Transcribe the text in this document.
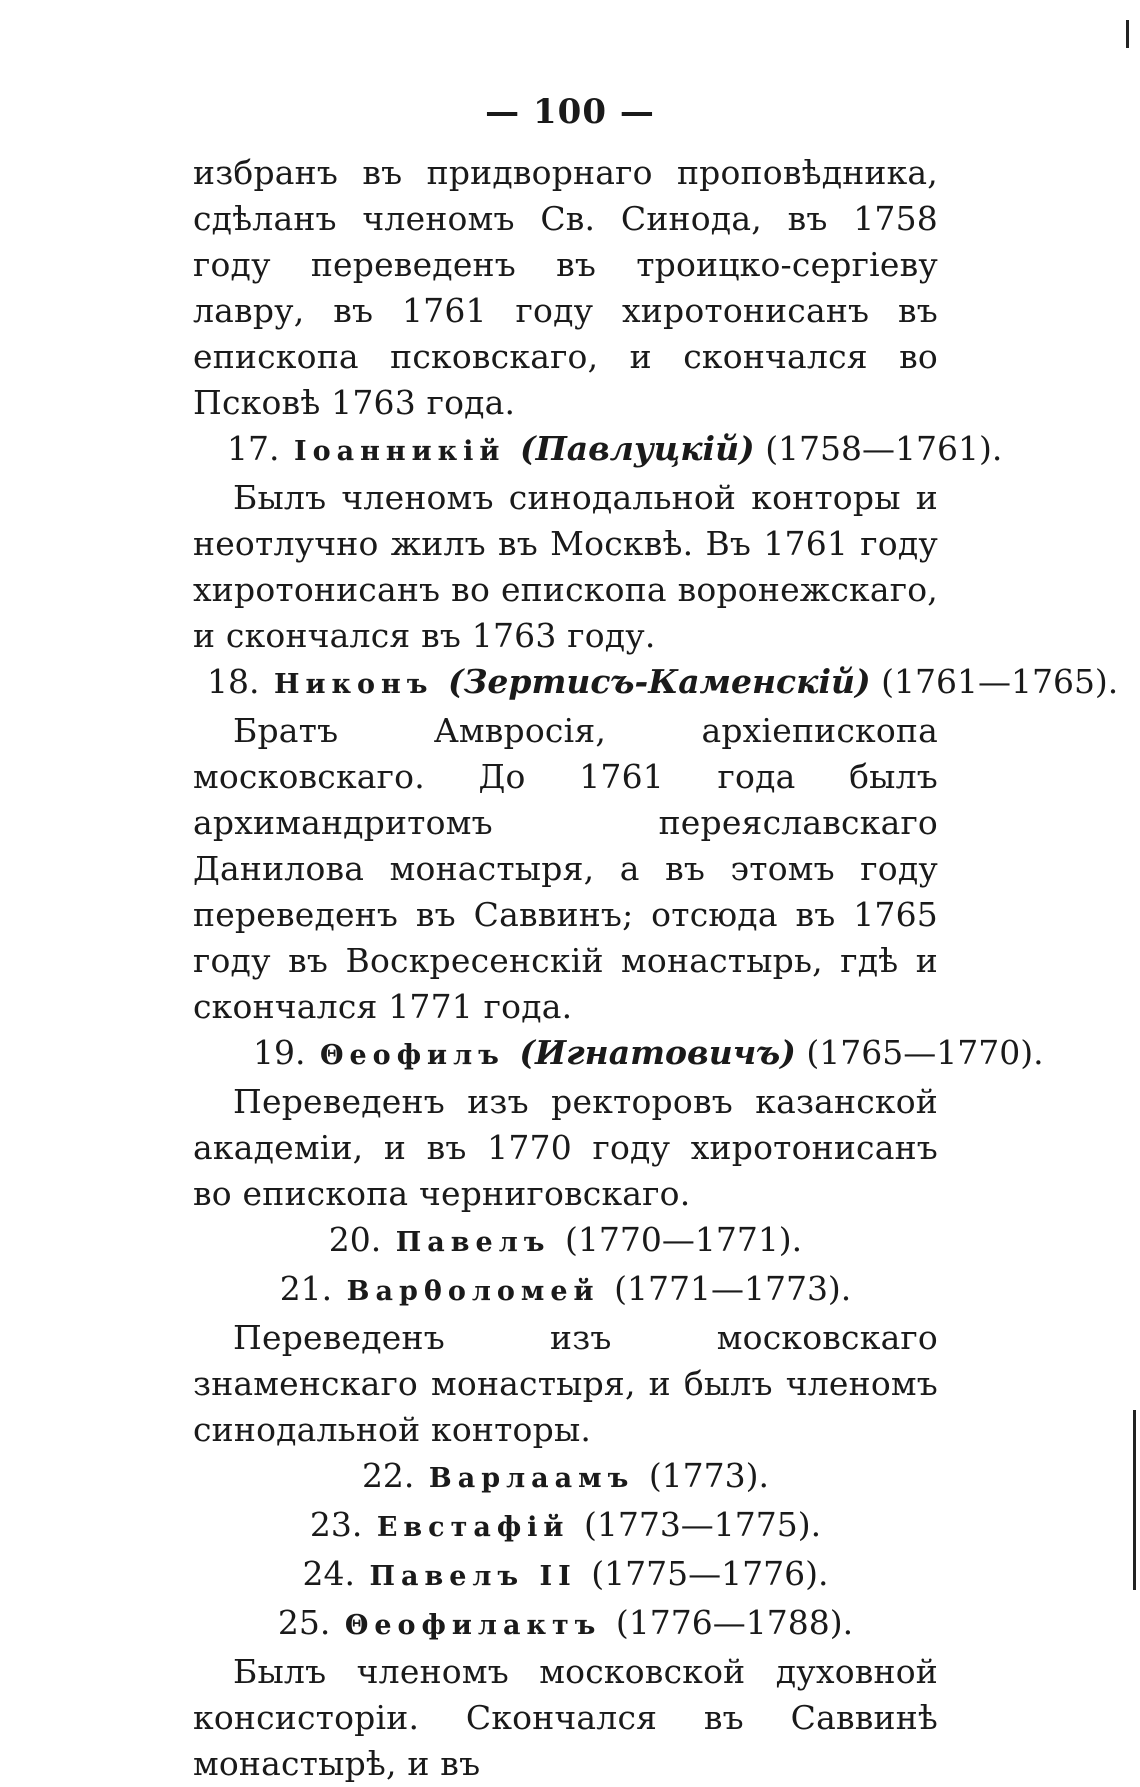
— 100 —

избранъ въ придворнаго проповѣдника, сдѣланъ членомъ Св. Синода, въ 1758 году переведенъ въ троицко-сергіеву лавру, въ 1761 году хиротонисанъ въ епископа псковскаго, и скончался во Псковѣ 1763 года.

17. Іоанникій (Павлуцкій) (1758—1761).

Былъ членомъ синодальной конторы и неотлучно жилъ въ Москвѣ. Въ 1761 году хиротонисанъ во епископа воронежскаго, и скончался въ 1763 году.

18. Никонъ (Зертисъ-Каменскій) (1761—1765).

Братъ Амвросія, архіепископа московскаго. До 1761 года былъ архимандритомъ переяславскаго Данилова монастыря, а въ этомъ году переведенъ въ Саввинъ; отсюда въ 1765 году въ Воскресенскій монастырь, гдѣ и скончался 1771 года.

19. Θеофилъ (Игнатовичъ) (1765—1770).

Переведенъ изъ ректоровъ казанской академіи, и въ 1770 году хиротонисанъ во епископа черниговскаго.

20. Павелъ (1770—1771).
21. Варθоломей (1771—1773).

Переведенъ изъ московскаго знаменскаго монастыря, и былъ членомъ синодальной конторы.

22. Варлаамъ (1773).
23. Евстафій (1773—1775).
24. Павелъ II (1775—1776).
25. Θеофилактъ (1776—1788).

Былъ членомъ московской духовной консисторіи. Скончался въ Саввинѣ монастырѣ, и въ
